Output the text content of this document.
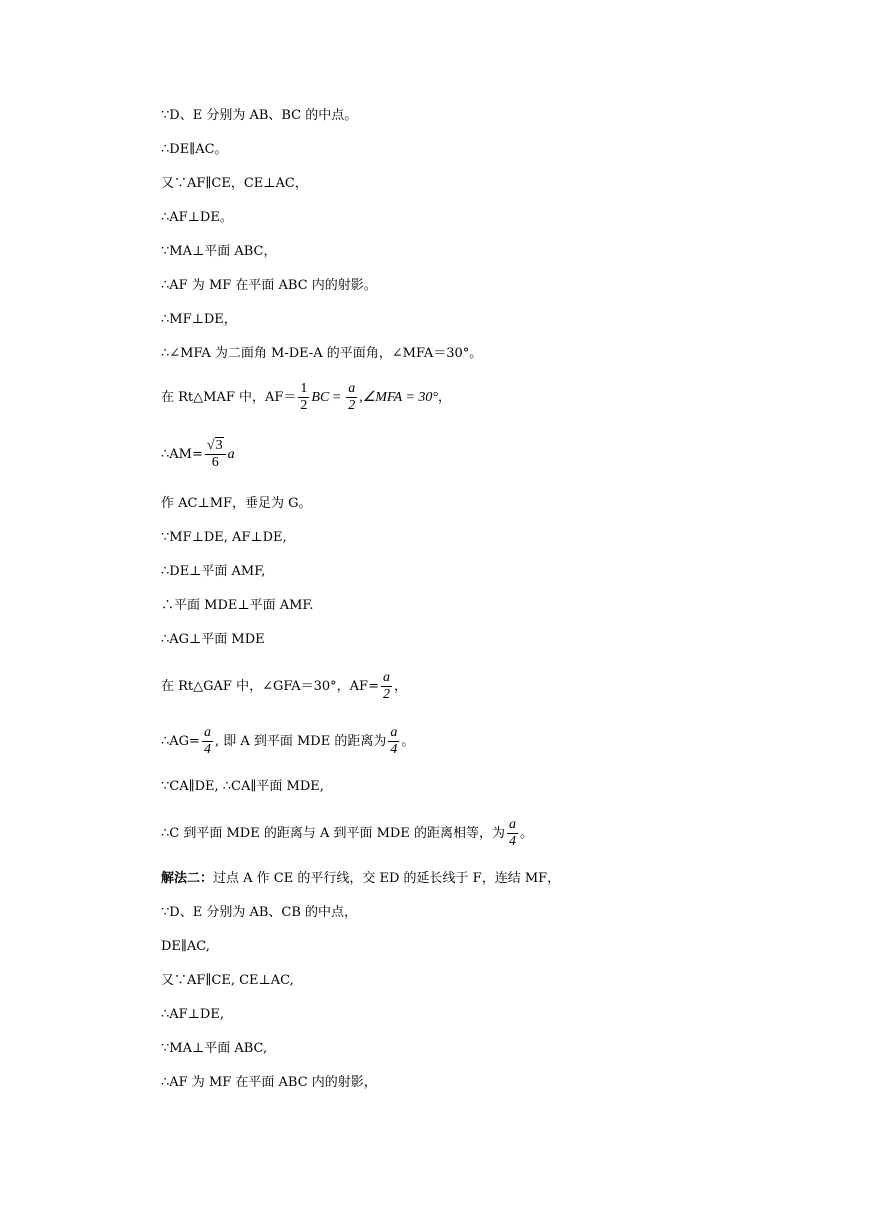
∵D、E 分别为 AB、BC 的中点。
∴DE∥AC。
又∵AF∥CE，CE⊥AC，
∴AF⊥DE。
∵MA⊥平面 ABC，
∴AF 为 MF 在平面 ABC 内的射影。
∴MF⊥DE，
∴∠MFA 为二面角 M-DE-A 的平面角，∠MFA＝30°。
在 Rt△MAF 中，$AF= \frac{1}{2}$ BC = $\frac{a}{2}$ ,∠MFA = 30°，
∴AM= $\frac{√3}{6}$ a
作 AC⊥MF，垂足为 G。
∵MF⊥DE, AF⊥DE,
∴DE⊥平面 AMF,
∴平面 MDE⊥平面 AMF.
∴AG⊥平面 MDE
在 Rt△GAF 中，∠GFA＝30°，$AF= \frac{a}{2}$ ，
∴AG= $\frac{a}{4}$ , 即 A 到平面 MDE 的距离为 $\frac{a}{4}$ 。
∵CA∥DE, ∴CA∥平面 MDE,
∴C 到平面 MDE 的距离与 A 到平面 MDE 的距离相等，为 $\frac{a}{4}$ 。
解法二：过点 A 作 CE 的平行线，交 ED 的延长线于 F，连结 MF，
∵D、E 分别为 AB、CB 的中点，
DE∥AC,
又∵AF∥CE, CE⊥AC,
∴AF⊥DE,
∵MA⊥平面 ABC,
∴AF 为 MF 在平面 ABC 内的射影，
